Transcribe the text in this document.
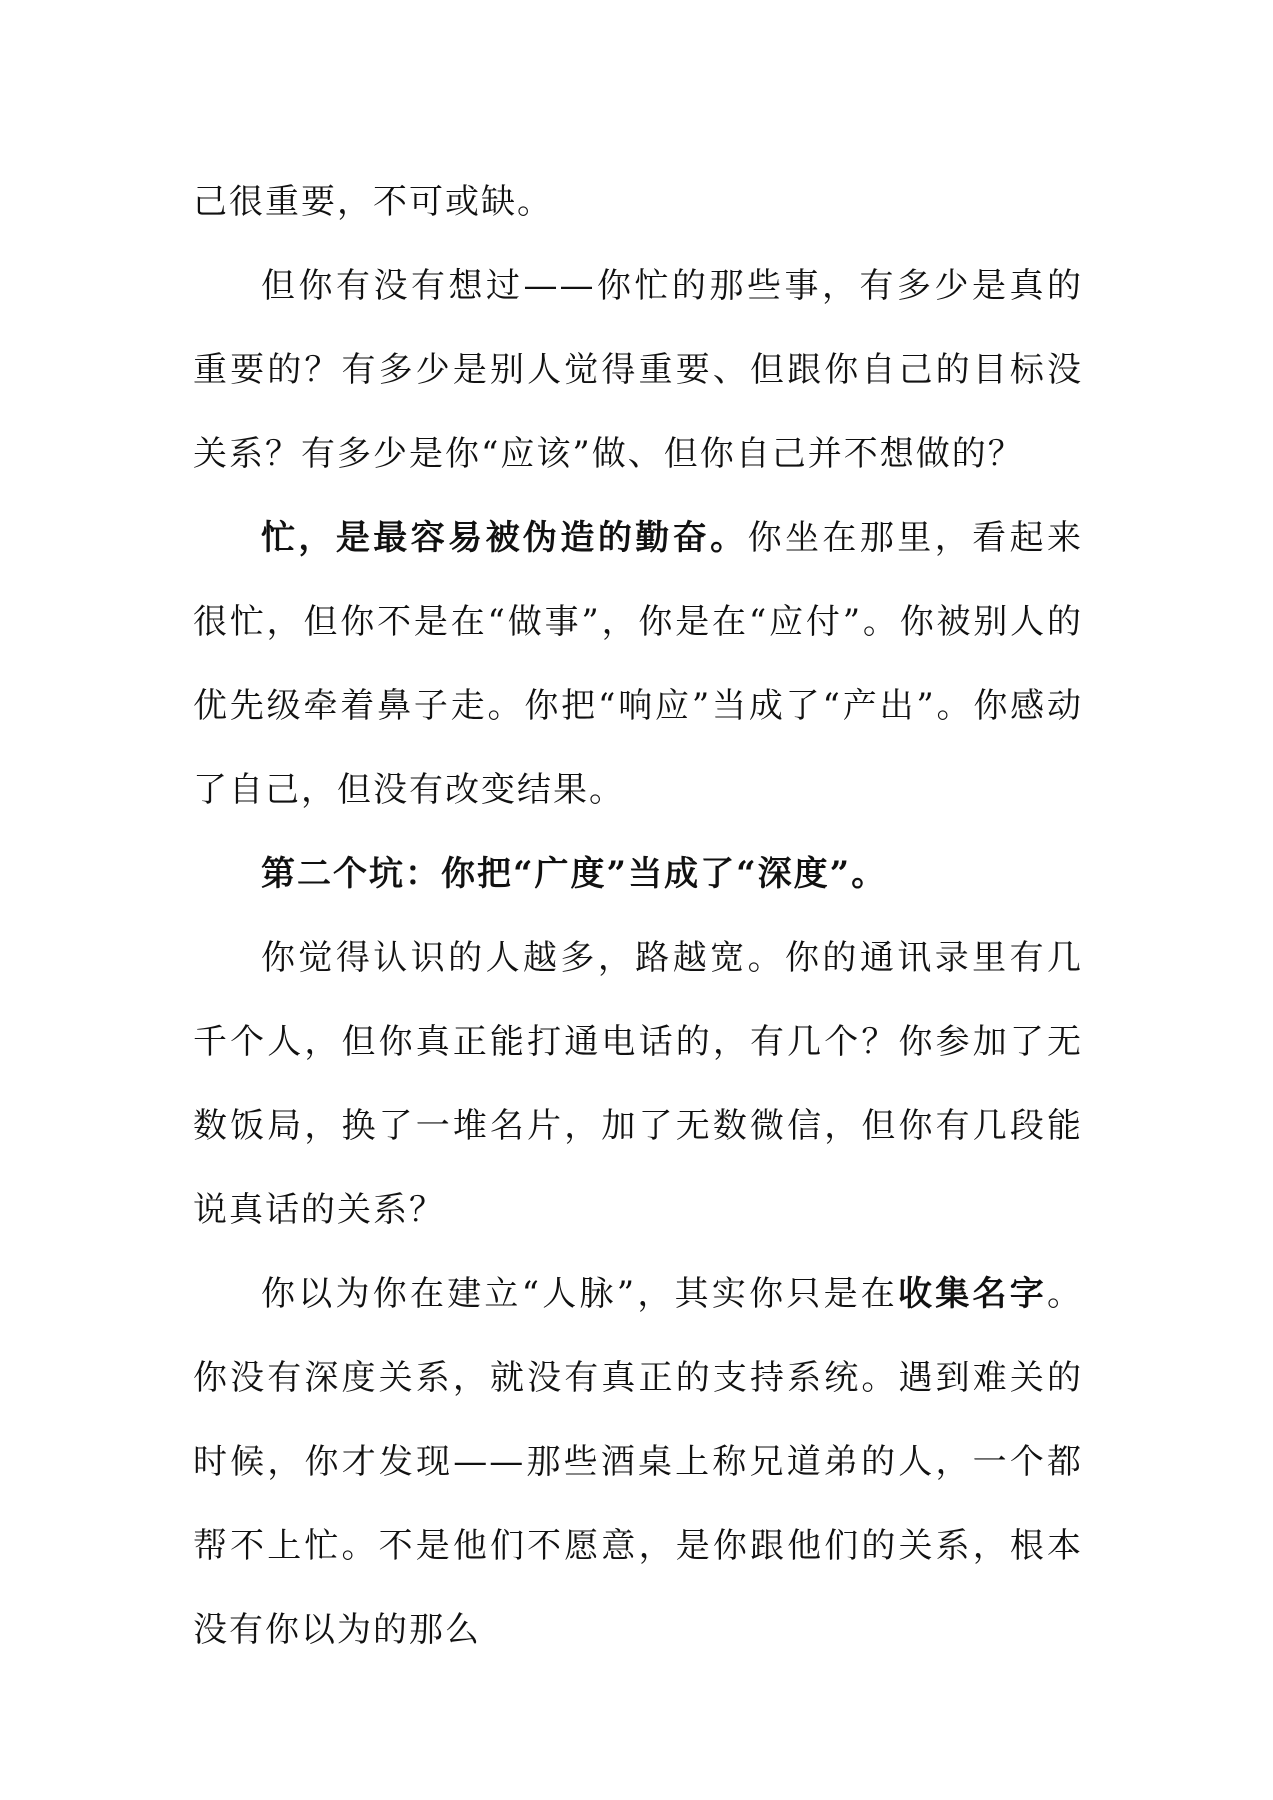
己很重要，不可或缺。

但你有没有想过——你忙的那些事，有多少是真的重要的？有多少是别人觉得重要、但跟你自己的目标没关系？有多少是你“应该”做、但你自己并不想做的？

忙，是最容易被伪造的勤奋。你坐在那里，看起来很忙，但你不是在“做事”，你是在“应付”。你被别人的优先级牵着鼻子走。你把“响应”当成了“产出”。你感动了自己，但没有改变结果。

第二个坑：你把“广度”当成了“深度”。

你觉得认识的人越多，路越宽。你的通讯录里有几千个人，但你真正能打通电话的，有几个？你参加了无数饭局，换了一堆名片，加了无数微信，但你有几段能说真话的关系？

你以为你在建立“人脉”，其实你只是在收集名字。你没有深度关系，就没有真正的支持系统。遇到难关的时候，你才发现——那些酒桌上称兄道弟的人，一个都帮不上忙。不是他们不愿意，是你跟他们的关系，根本没有你以为的那么
